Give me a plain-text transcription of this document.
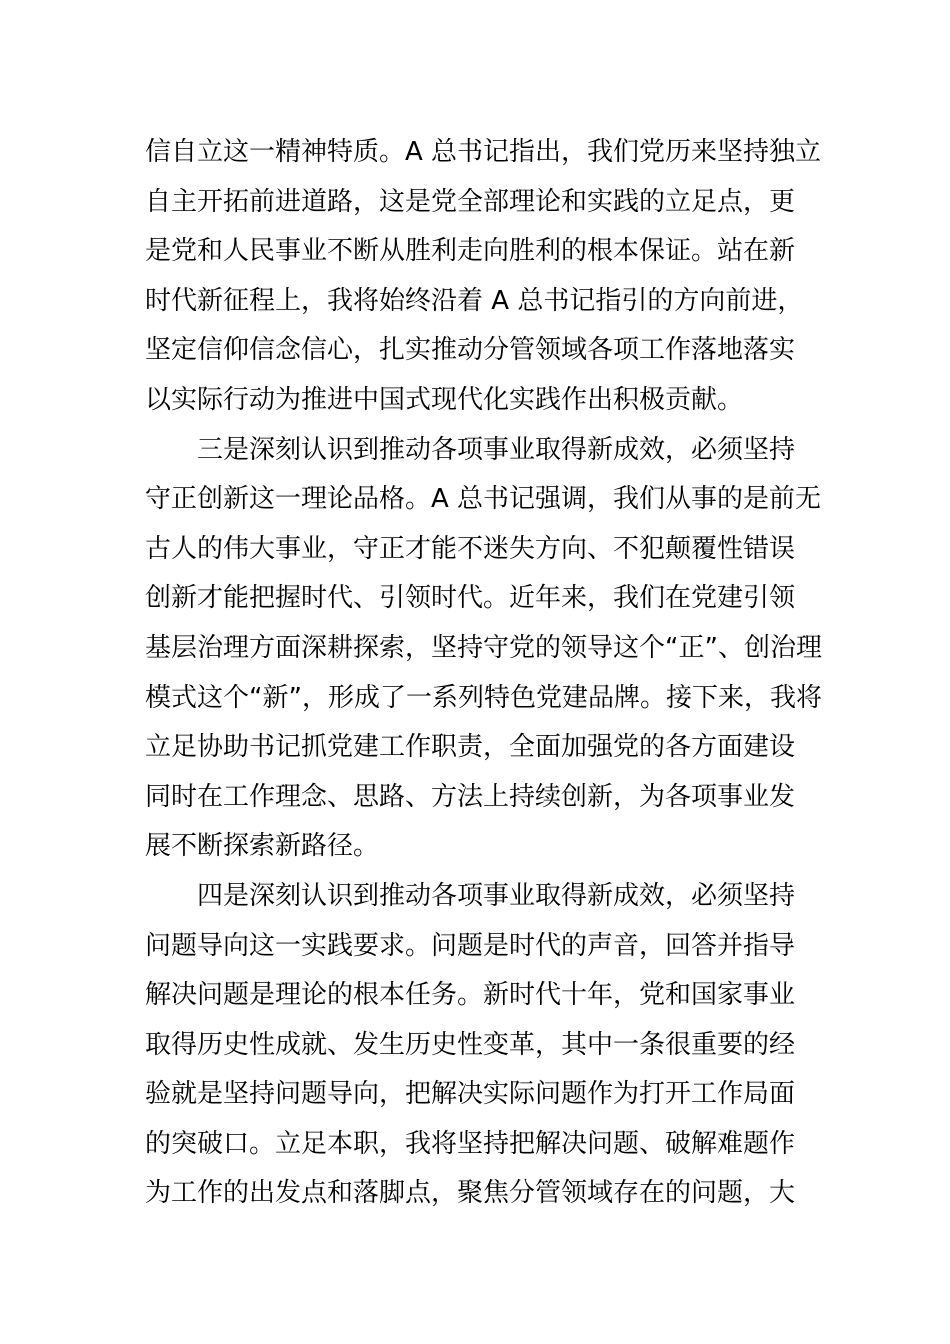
信自立这一精神特质。A 总书记指出，我们党历来坚持独立
自主开拓前进道路，这是党全部理论和实践的立足点，更
是党和人民事业不断从胜利走向胜利的根本保证。站在新
时代新征程上，我将始终沿着 A 总书记指引的方向前进，
坚定信仰信念信心，扎实推动分管领域各项工作落地落实
以实际行动为推进中国式现代化实践作出积极贡献。
三是深刻认识到推动各项事业取得新成效，必须坚持
守正创新这一理论品格。A 总书记强调，我们从事的是前无
古人的伟大事业，守正才能不迷失方向、不犯颠覆性错误
创新才能把握时代、引领时代。近年来，我们在党建引领
基层治理方面深耕探索，坚持守党的领导这个“正”、创治理
模式这个“新”，形成了一系列特色党建品牌。接下来，我将
立足协助书记抓党建工作职责，全面加强党的各方面建设
同时在工作理念、思路、方法上持续创新，为各项事业发
展不断探索新路径。
四是深刻认识到推动各项事业取得新成效，必须坚持
问题导向这一实践要求。问题是时代的声音，回答并指导
解决问题是理论的根本任务。新时代十年，党和国家事业
取得历史性成就、发生历史性变革，其中一条很重要的经
验就是坚持问题导向，把解决实际问题作为打开工作局面
的突破口。立足本职，我将坚持把解决问题、破解难题作
为工作的出发点和落脚点，聚焦分管领域存在的问题，大
